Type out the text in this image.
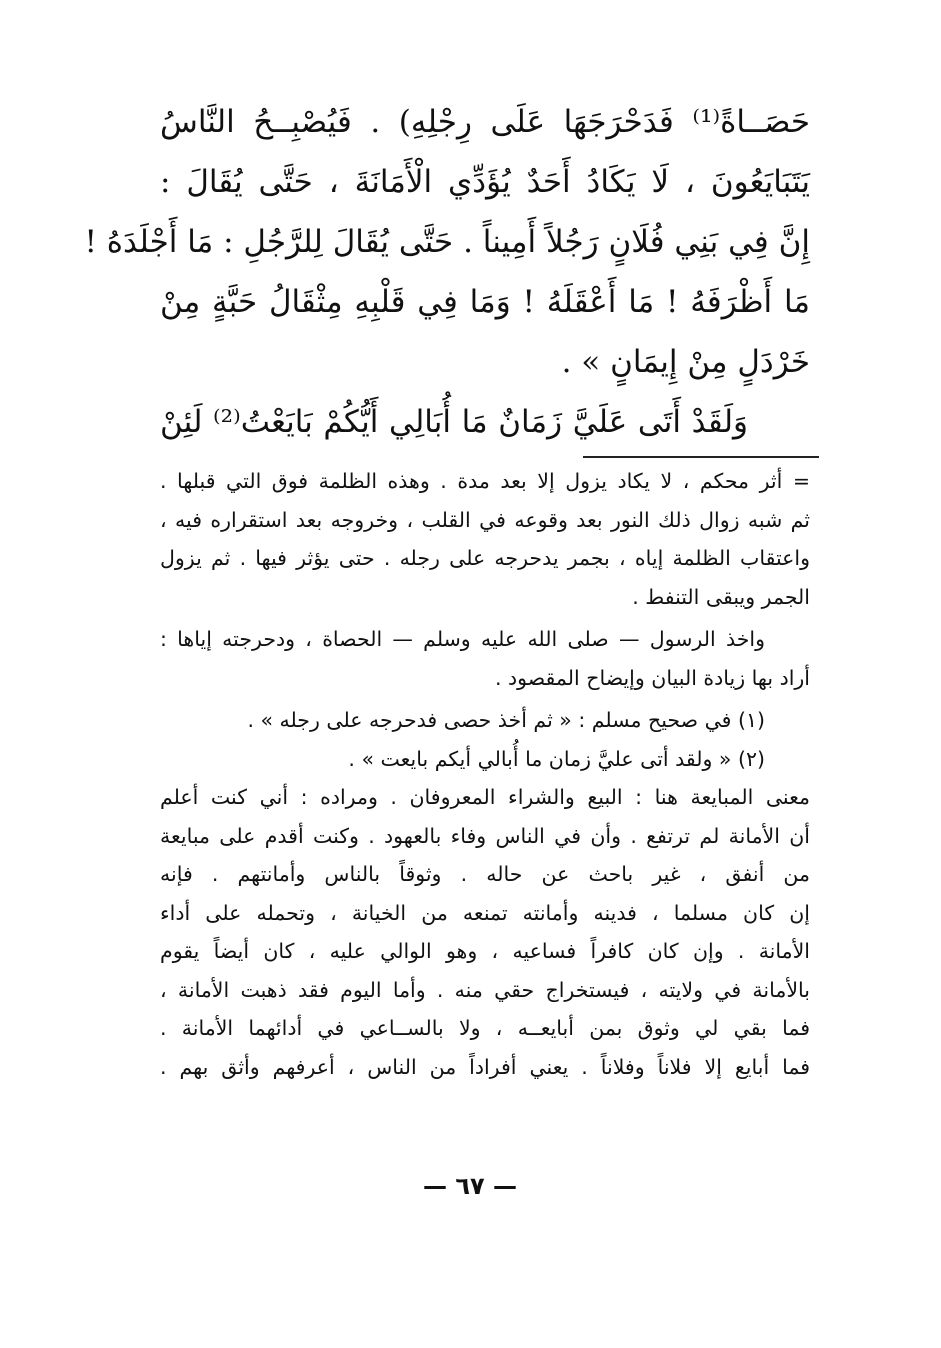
حَصَــاةً⁽¹⁾ فَدَحْرَجَهَا عَلَى رِجْلِهِ) . فَيُصْبِــحُ النَّاسُ
يَتَبَايَعُونَ ، لَا يَكَادُ أَحَدٌ يُؤَدِّي الْأَمَانَةَ ، حَتَّى يُقَالَ :
إِنَّ فِي بَنِي فُلَانٍ رَجُلاً أَمِيناً . حَتَّى يُقَالَ لِلرَّجُلِ : مَا أَجْلَدَهُ !
مَا أَظْرَفَهُ ! مَا أَعْقَلَهُ ! وَمَا فِي قَلْبِهِ مِثْقَالُ حَبَّةٍ مِنْ
خَرْدَلٍ مِنْ إِيمَانٍ » .
وَلَقَدْ أَتَى عَلَيَّ زَمَانٌ مَا أُبَالِي أَيُّكُمْ بَايَعْتُ⁽²⁾ لَئِنْ
= أثر محكم ، لا يكاد يزول إلا بعد مدة . وهذه الظلمة فوق التي قبلها .
ثم شبه زوال ذلك النور بعد وقوعه في القلب ، وخروجه بعد استقراره فيه ،
واعتقاب الظلمة إياه ، بجمر يدحرجه على رجله . حتى يؤثر فيها . ثم يزول
الجمر ويبقى التنفط .
واخذ الرسول — صلى الله عليه وسلم — الحصاة ، ودحرجته إياها :
أراد بها زيادة البيان وإيضاح المقصود .
(١) في صحيح مسلم : « ثم أخذ حصى فدحرجه على رجله » .
(٢) « ولقد أتى عليَّ زمان ما أُبالي أيكم بايعت » .
معنى المبايعة هنا : البيع والشراء المعروفان . ومراده : أني كنت أعلم
أن الأمانة لم ترتفع . وأن في الناس وفاء بالعهود . وكنت أقدم على مبايعة
من أنفق ، غير باحث عن حاله . وثوقاً بالناس وأمانتهم . فإنه
إن كان مسلما ، فدينه وأمانته تمنعه من الخيانة ، وتحمله على أداء
الأمانة . وإن كان كافراً فساعيه ، وهو الوالي عليه ، كان أيضاً يقوم
بالأمانة في ولايته ، فيستخراج حقي منه . وأما اليوم فقد ذهبت الأمانة ،
فما بقي لي وثوق بمن أبايعــه ، ولا بالســاعي في أدائهما الأمانة .
فما أبايع إلا فلاناً وفلاناً . يعني أفراداً من الناس ، أعرفهم وأثق بهم .
— ٦٧ —
